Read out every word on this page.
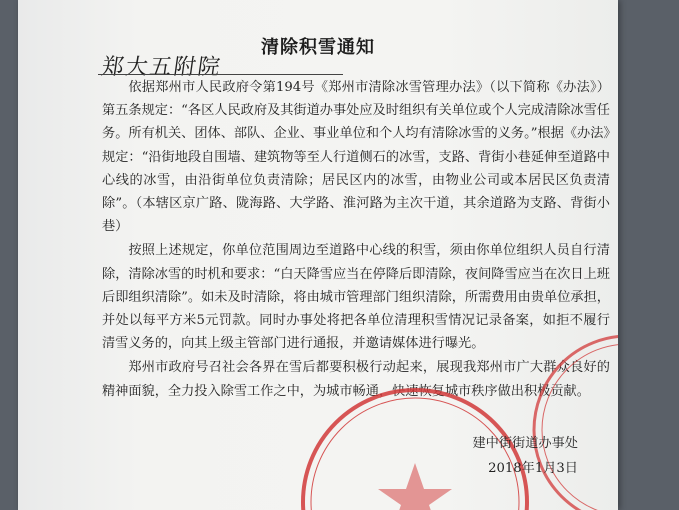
清除积雪通知
郑大五附院

依据郑州市人民政府令第194号《郑州市清除冰雪管理办法》（以下简称《办法》）第五条规定：“各区人民政府及其街道办事处应及时组织有关单位或个人完成清除冰雪任务。所有机关、团体、部队、企业、事业单位和个人均有清除冰雪的义务。”根据《办法》规定：“沿街地段自围墙、建筑物等至人行道侧石的冰雪，支路、背街小巷延伸至道路中心线的冰雪，由沿街单位负责清除；居民区内的冰雪，由物业公司或本居民区负责清除”。（本辖区京广路、陇海路、大学路、淮河路为主次干道，其余道路为支路、背街小巷）

按照上述规定，你单位范围周边至道路中心线的积雪，须由你单位组织人员自行清除，清除冰雪的时机和要求：“白天降雪应当在停降后即清除，夜间降雪应当在次日上班后即组织清除”。如未及时清除，将由城市管理部门组织清除，所需费用由贵单位承担，并处以每平方米5元罚款。同时办事处将把各单位清理积雪情况记录备案，如拒不履行清雪义务的，向其上级主管部门进行通报，并邀请媒体进行曝光。

郑州市政府号召社会各界在雪后都要积极行动起来，展现我郑州市广大群众良好的精神面貌，全力投入除雪工作之中，为城市畅通，快速恢复城市秩序做出积极贡献。

建中街街道办事处
2018年1月3日
